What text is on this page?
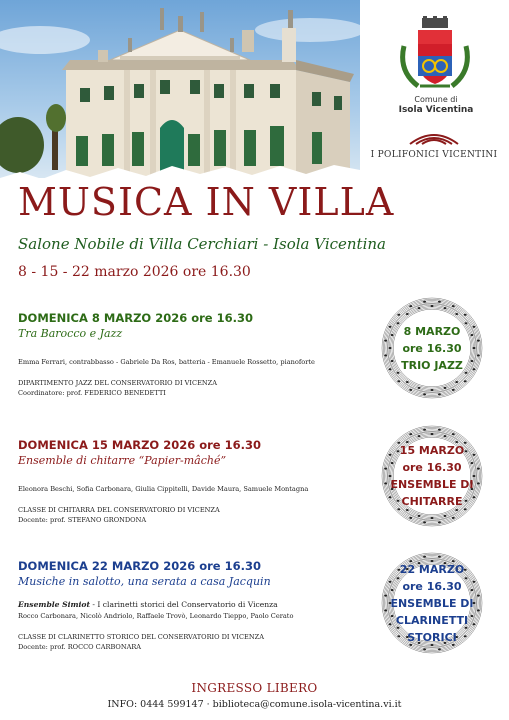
Comune di
Isola Vicentina
I POLIFONICI VICENTINI
MUSICA IN VILLA
Salone Nobile di Villa Cerchiari - Isola Vicentina
8 - 15 - 22 marzo 2026 ore 16.30
DOMENICA 8 MARZO 2026 ore 16.30
Tra Barocco e Jazz
Emma Ferrari, contrabbasso - Gabriele Da Ros, batteria - Emanuele Rossetto, pianoforte
DIPARTIMENTO JAZZ DEL CONSERVATORIO DI VICENZA
Coordinatore: prof. FEDERICO BENEDETTI
DOMENICA 15 MARZO 2026 ore 16.30
Ensemble di chitarre “Papier-mâché”
Eleonora Beschi, Sofia Carbonara, Giulia Cippitelli, Davide Maura, Samuele Montagna
CLASSE DI CHITARRA DEL CONSERVATORIO DI VICENZA
Docente: prof. STEFANO GRONDONA
DOMENICA 22 MARZO 2026 ore 16.30
Musiche in salotto, una serata a casa Jacquin
Ensemble Simiot - I clarinetti storici del Conservatorio di Vicenza
Rocco Carbonara, Nicolò Andriolo, Raffaele Trovò, Leonardo Tieppo, Paolo Cerato
CLASSE DI CLARINETTO STORICO DEL CONSERVATORIO DI VICENZA
Docente: prof. ROCCO CARBONARA
8 MARZO
ore 16.30
TRIO JAZZ
15 MARZO
ore 16.30
ENSEMBLE DI
CHITARRE
22 MARZO
ore 16.30
ENSEMBLE DI
CLARINETTI
STORICI
INGRESSO LIBERO
INFO: 0444 599147 · biblioteca@comune.isola-vicentina.vi.it
